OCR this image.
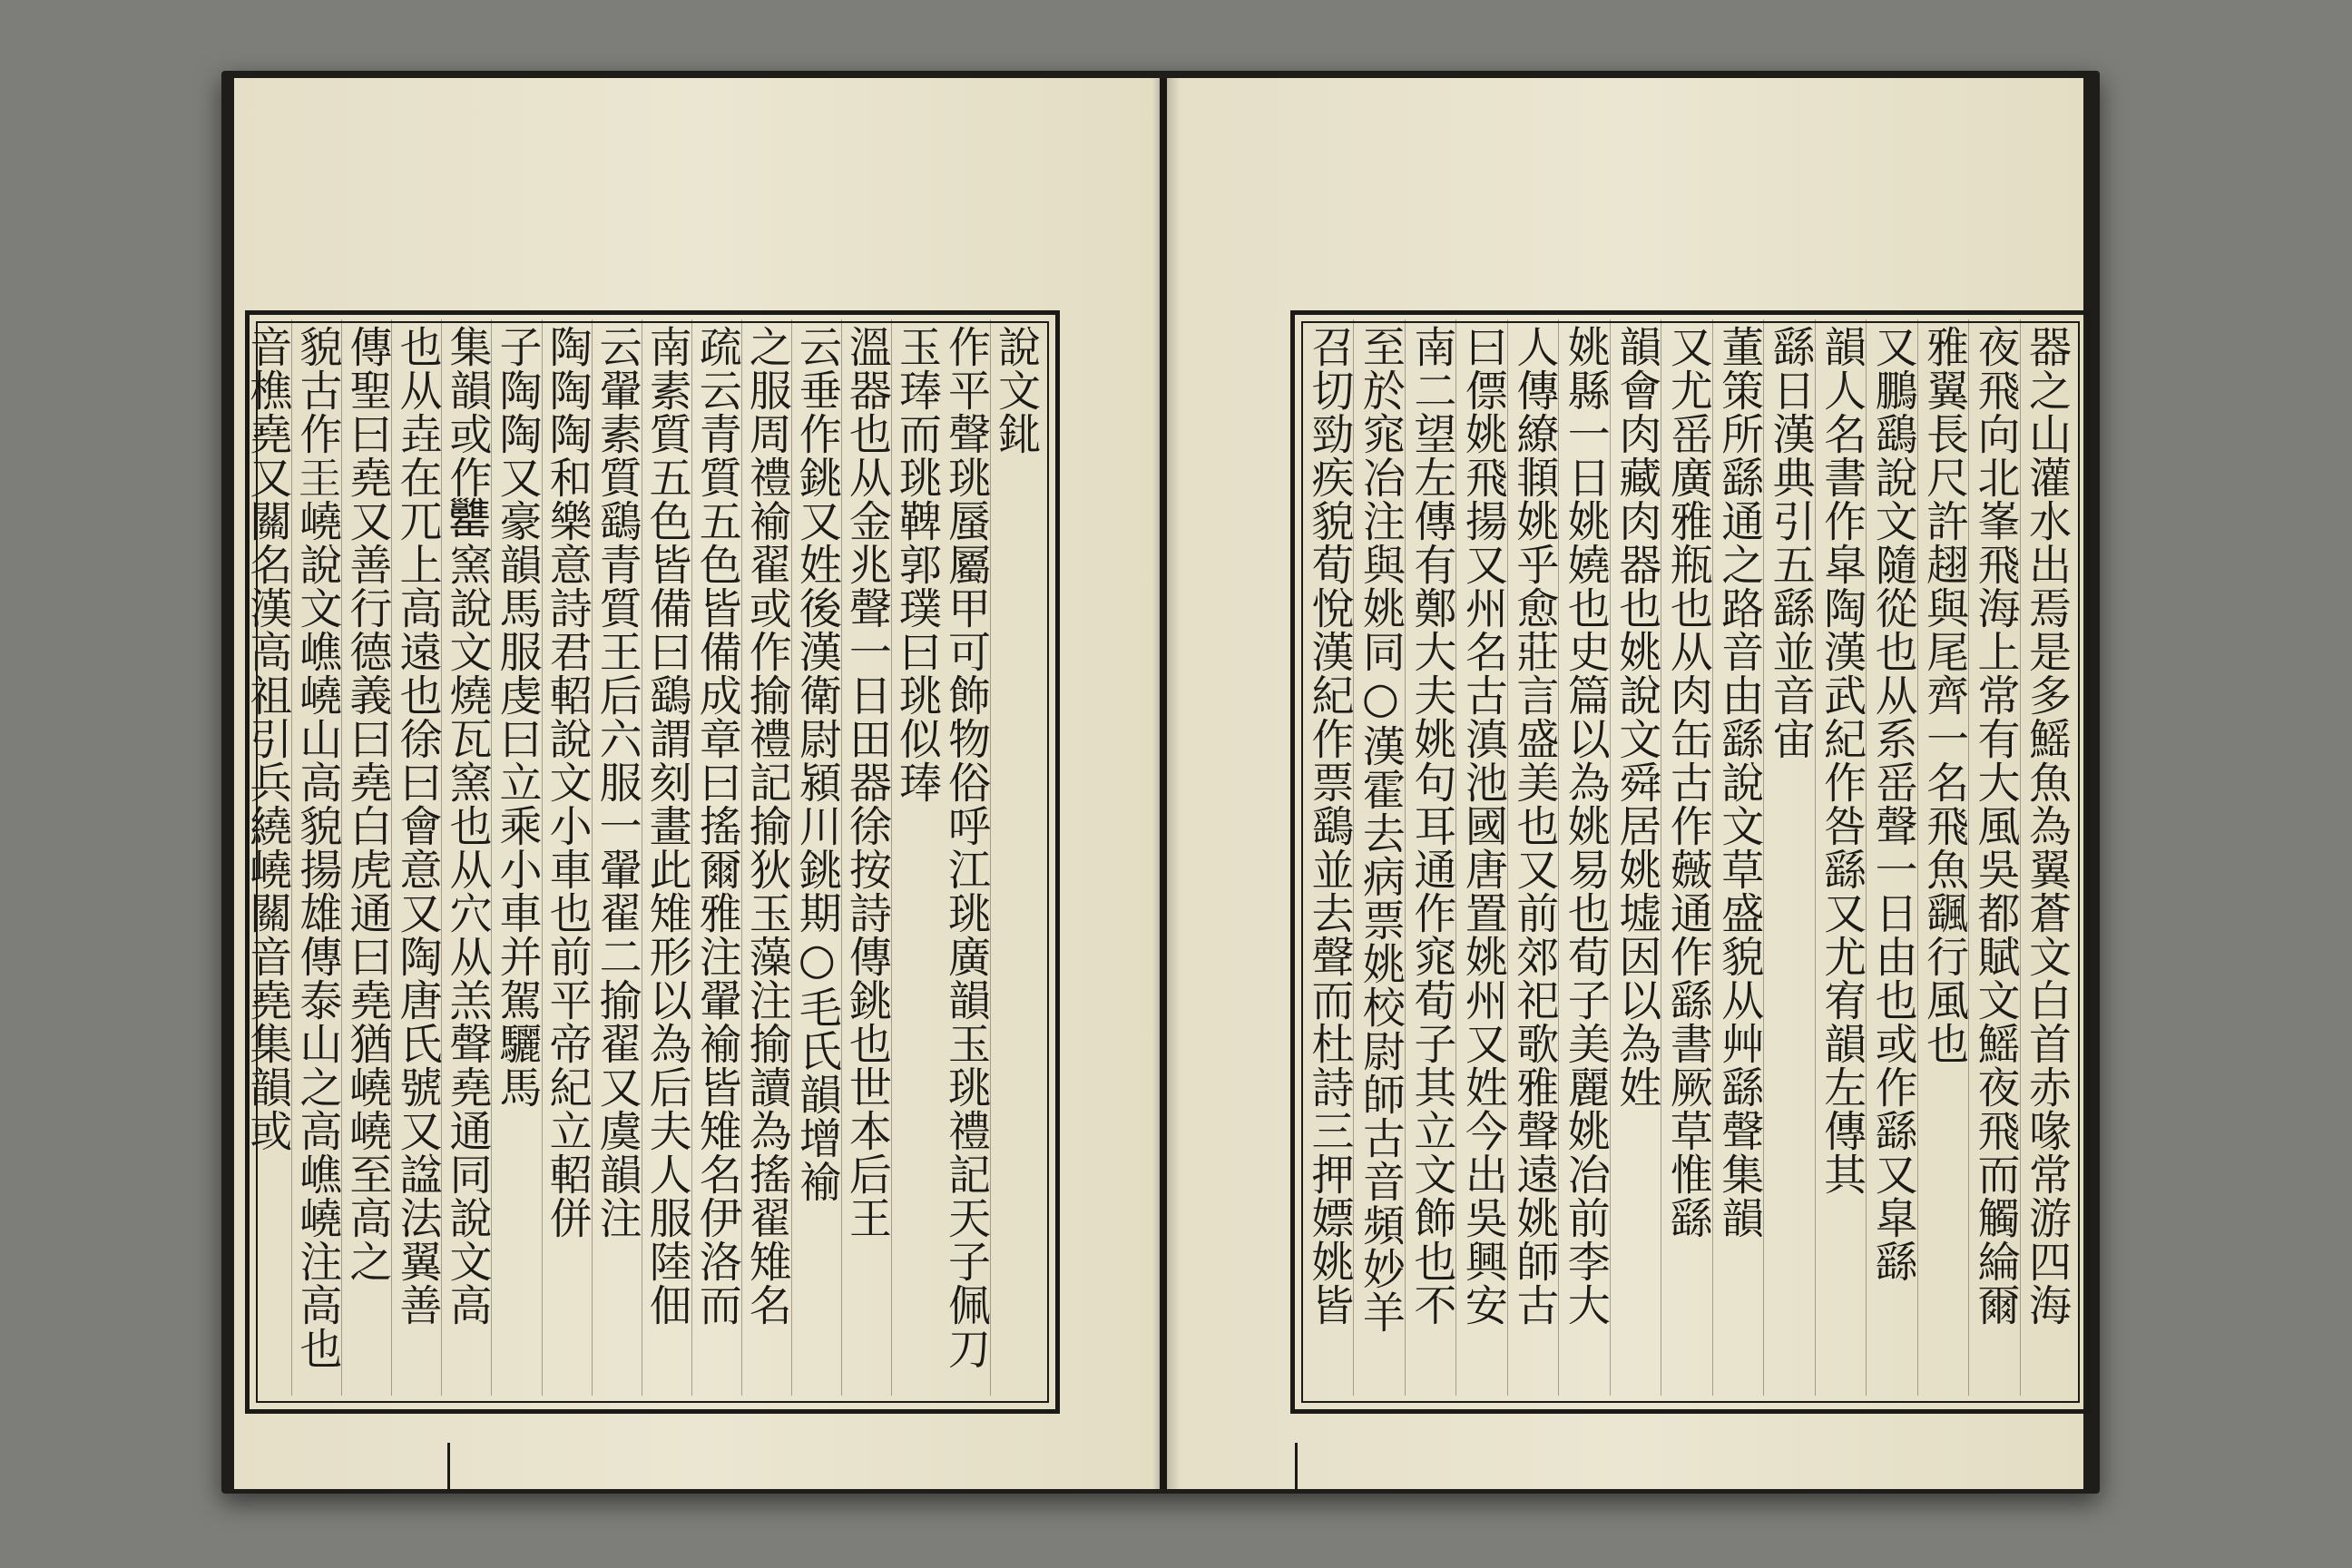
說文鉳
作平聲珧蜃屬甲可飾物俗呼江珧廣韻玉珧禮記天子佩刀玉琫而珧鞞郭璞曰珧似琫
溫器也从金兆聲一日田器徐按詩傳銚也世本后王
云垂作銚又姓後漢衛尉潁川銚期○毛氏韻增褕
之服周禮褕翟或作揄禮記揄狄玉藻注揄讀為搖翟雉名
疏云青質五色皆備成章曰搖爾雅注翬褕皆雉名伊洛而
南素質五色皆備曰鷂謂刻畫此雉形以為后夫人服陸佃
云翬素質鷂青質王后六服一翬翟二揄翟又虞韻注
陶陶陶和樂意詩君軺說文小車也前平帝紀立軺併
子陶陶又豪韻馬服虔曰立乘小車并駕驪馬
集韻或作𦉥窯說文燒瓦窯也从穴从羔聲堯通同說文高
也从垚在兀上高遠也徐曰會意又陶唐氏號又諡法翼善
傳聖曰堯又善行德義曰堯白虎通曰堯猶嶢嶢至高之
貌古作𡉐嶢說文嶕嶢山高貌揚雄傳泰山之高嶕嶢注高也
音樵堯又關名漢高祖引兵繞嶢關音堯集韻或	器之山灌水出焉是多鰩魚為翼蒼文白首赤喙常游四海
夜飛向北峯飛海上常有大風吳都賦文鰩夜飛而觸綸爾
雅翼長尺許趐與尾齊一名飛魚颻行風也
又鵬鷂說文隨從也从系䍃聲一日由也或作繇又皐繇
韻人名書作皐陶漢武紀作咎繇又尤宥韻左傳其
繇日漢典引五繇並音宙
董策所繇通之路音由繇說文草盛貌从艸繇聲集韻
又尤䍃廣雅瓶也从肉缶古作𦾡通作繇書厥草惟繇
韻會肉藏肉器也姚說文舜居姚墟因以為姓
姚縣一日姚嬈也史篇以為姚易也荀子美麗姚冶前李大
人傳繚䫍姚乎愈莊言盛美也又前郊祀歌雅聲遠姚師古
曰僄姚飛揚又州名古滇池國唐置姚州又姓今出吳興安
南二望左傳有鄭大夫姚句耳通作窕荀子其立文飾也不
至於窕冶注與姚同○漢霍去病票姚校尉師古音頻妙羊
召切勁疾貌荀悅漢紀作票鷂並去聲而杜詩三押嫖姚皆
